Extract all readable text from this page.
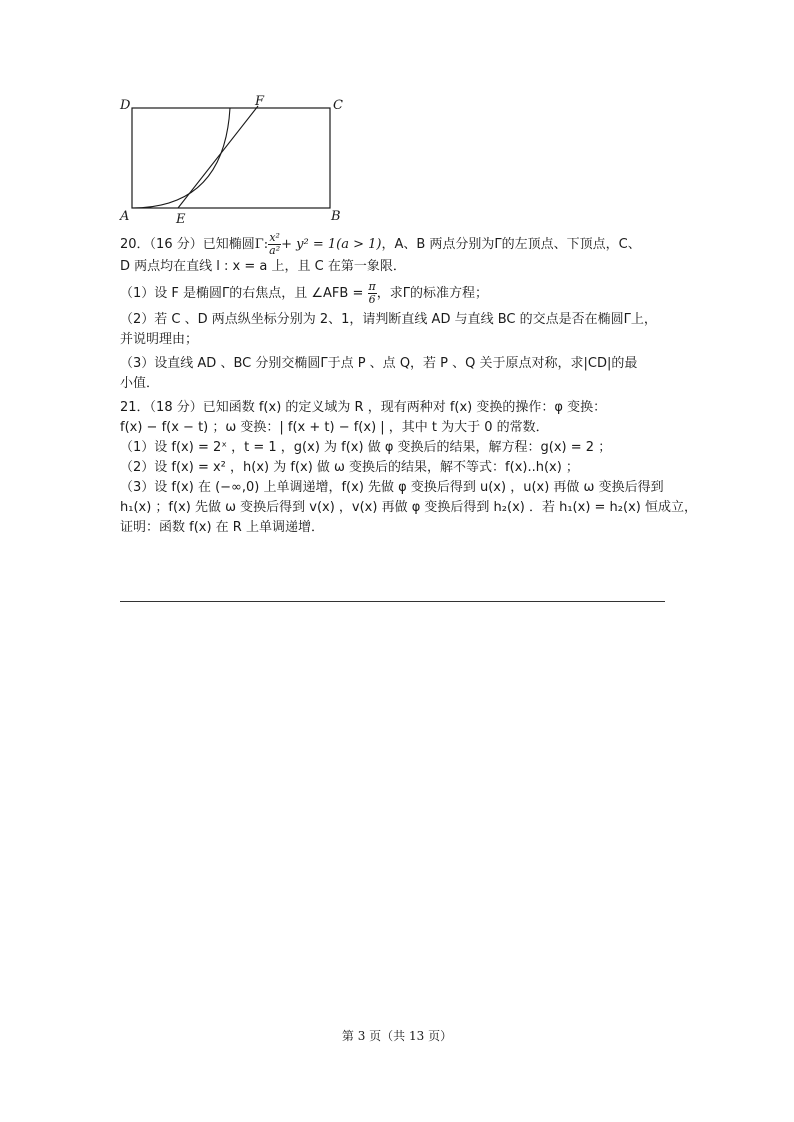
D	F	C
A	E	B
20．（16 分）已知椭圆Γ: $\frac{\text{x²}}{\text{a²}} + y^2 = 1(a > 1)$，A、B 两点分别为Γ的左顶点、下顶点，C、
D 两点均在直线 l : x = a 上，且 C 在第一象限．
（1）设 F 是椭圆Γ的右焦点，且 ∠AFB = $\frac{\pi}{6}$ ，求Γ的标准方程；
（2）若 C 、D 两点纵坐标分别为 2、1，请判断直线 AD 与直线 BC 的交点是否在椭圆Γ上，
并说明理由；
（3）设直线 AD 、BC 分别交椭圆Γ于点 P 、点 Q，若 P 、Q 关于原点对称，求|CD|的最
小值．
21．（18 分）已知函数 f(x) 的定义域为 R ，现有两种对 f(x) 变换的操作：φ 变换：
f(x) − f(x − t) ；ω 变换：| f(x + t) − f(x) | ，其中 t 为大于 0 的常数．
（1）设 f(x) = 2ˣ ，t = 1 ，g(x) 为 f(x) 做 φ 变换后的结果，解方程：g(x) = 2 ；
（2）设 f(x) = x² ，h(x) 为 f(x) 做 ω 变换后的结果，解不等式：f(x)..h(x) ；
（3）设 f(x) 在 (−∞,0) 上单调递增，f(x) 先做 φ 变换后得到 u(x) ，u(x) 再做 ω 变换后得到
h₁(x) ；f(x) 先做 ω 变换后得到 v(x) ，v(x) 再做 φ 变换后得到 h₂(x) ．若 h₁(x) = h₂(x) 恒成立，
证明：函数 f(x) 在 R 上单调递增．
第 3 页（共 13 页）
